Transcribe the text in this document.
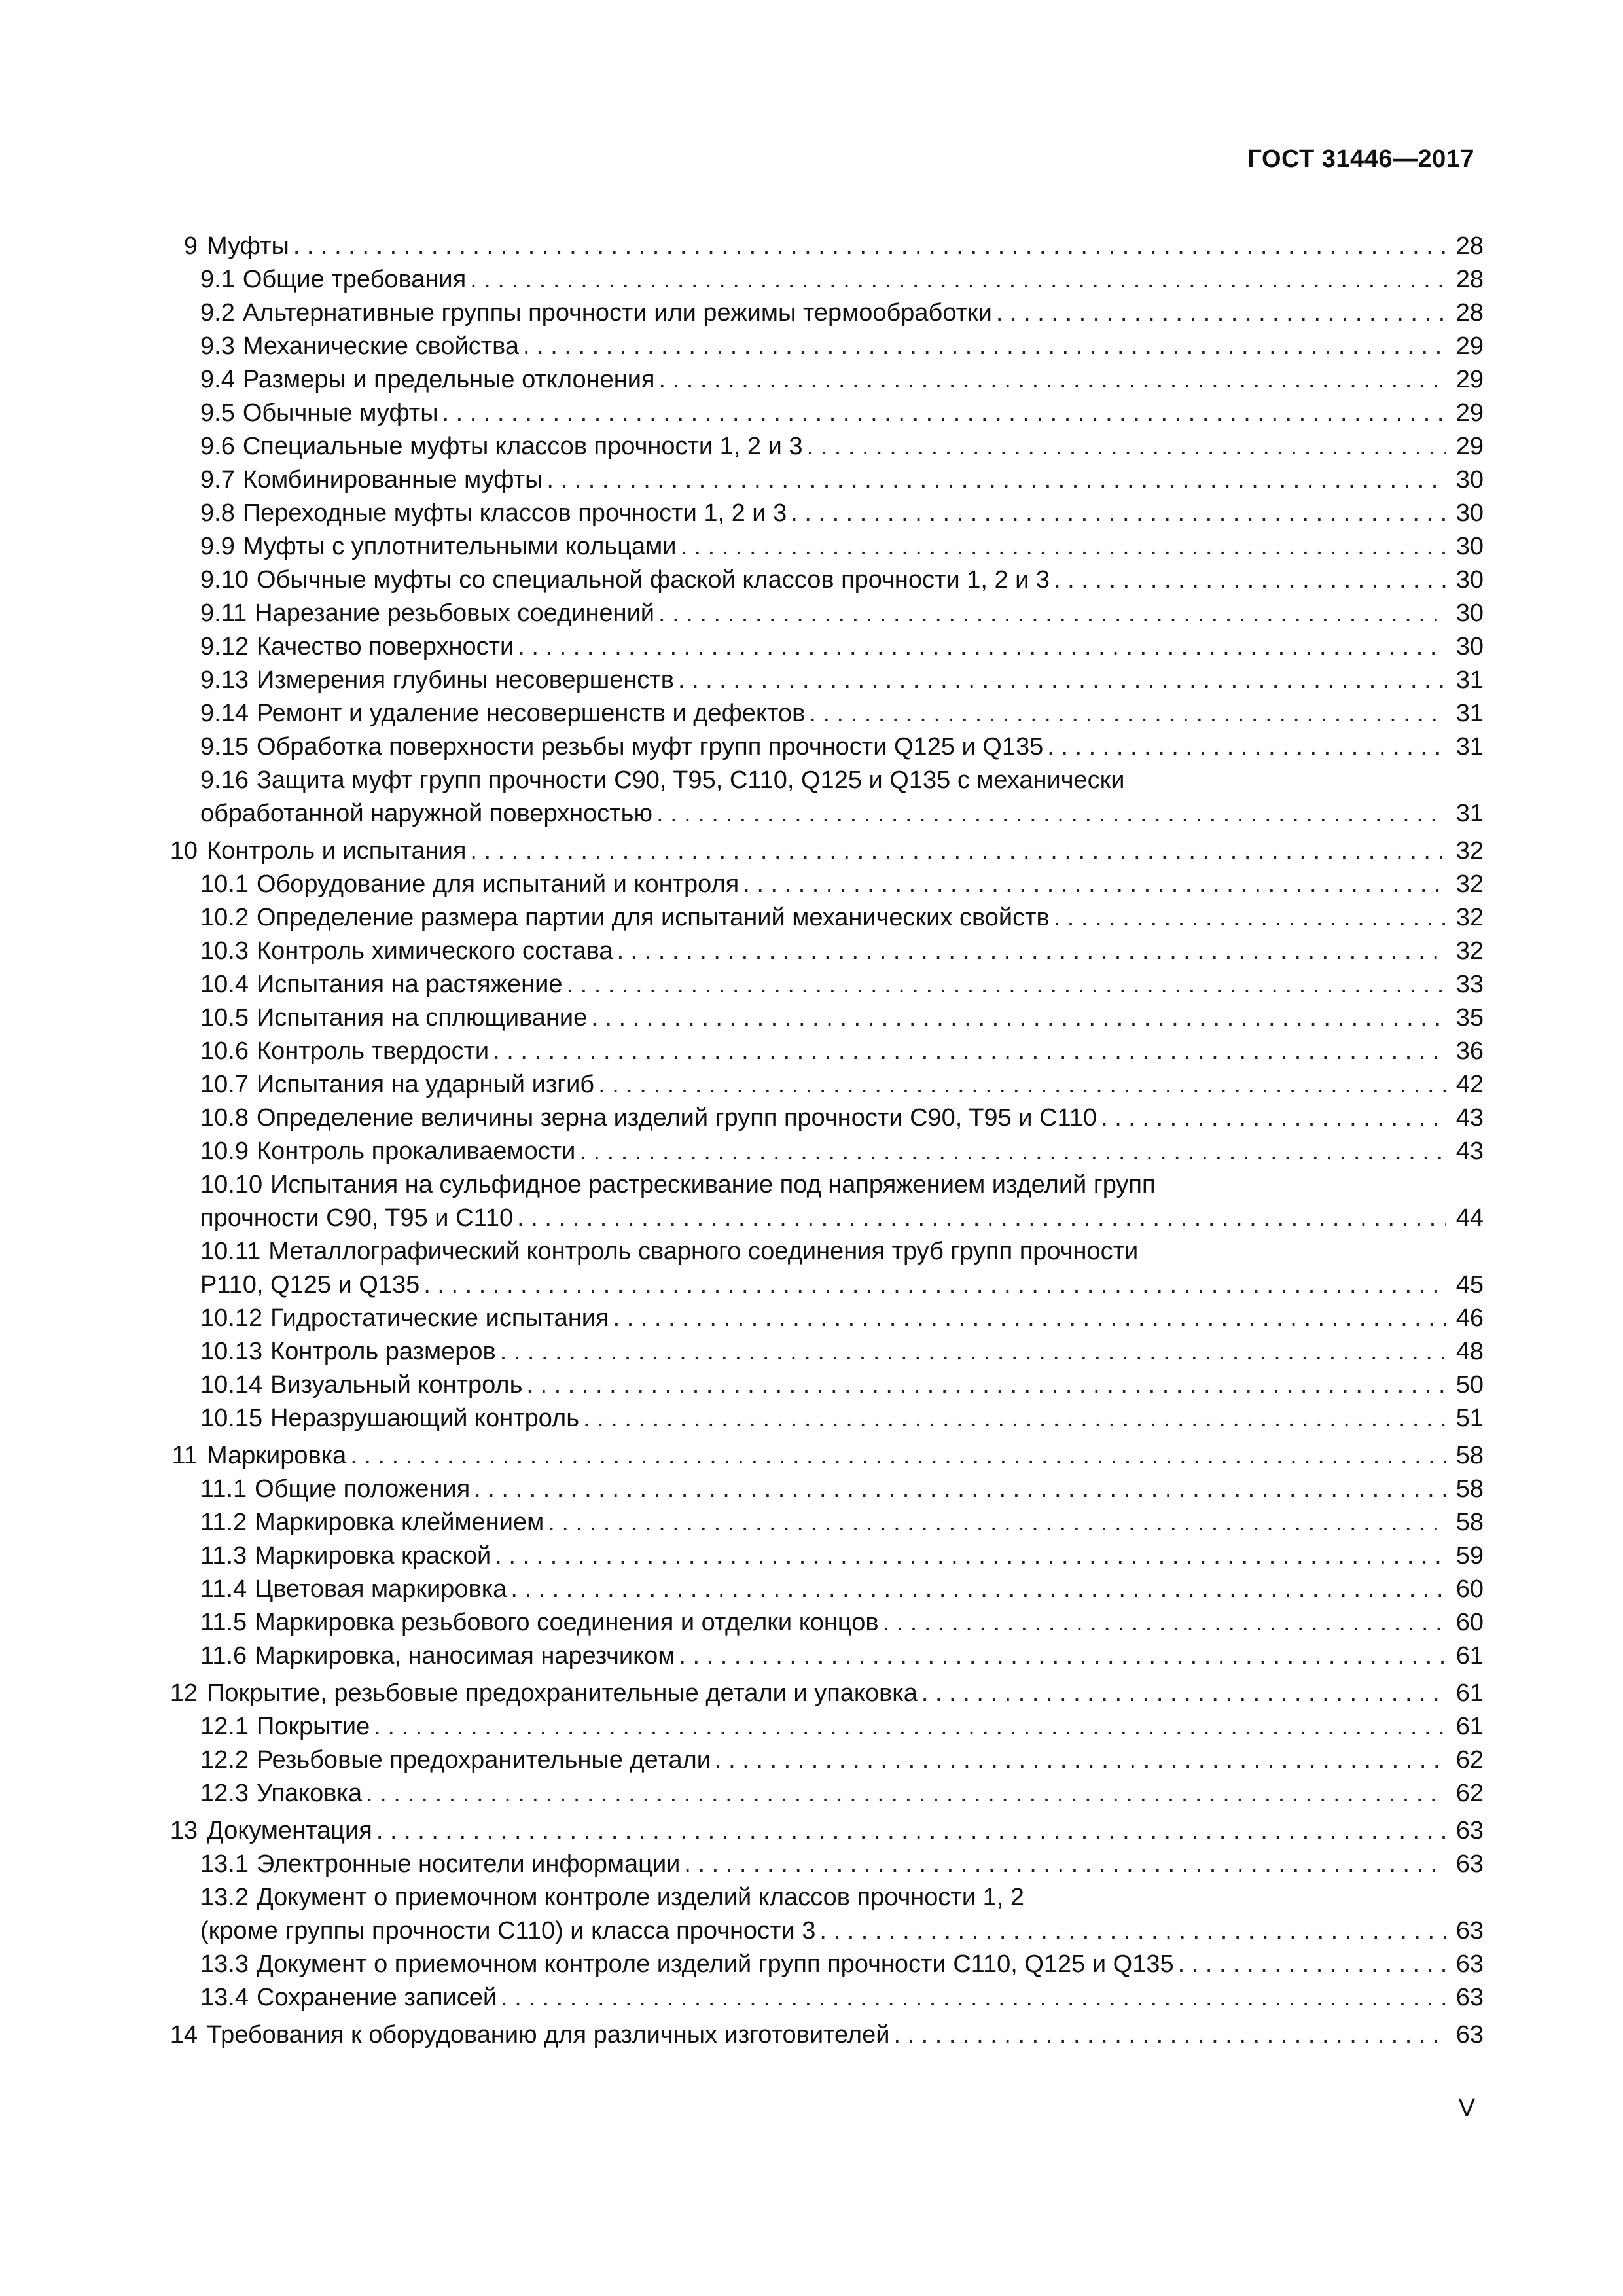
ГОСТ 31446—2017
9 Муфты . . .	28
9.1 Общие требования . . .	28
9.2 Альтернативные группы прочности или режимы термообработки . . .	28
9.3 Механические свойства . . .	29
9.4 Размеры и предельные отклонения . . .	29
9.5 Обычные муфты . . .	29
9.6 Специальные муфты классов прочности 1, 2 и 3 . . .	29
9.7 Комбинированные муфты . . .	30
9.8 Переходные муфты классов прочности 1, 2 и 3 . . .	30
9.9 Муфты с уплотнительными кольцами . . .	30
9.10 Обычные муфты со специальной фаской классов прочности 1, 2 и 3 . . .	30
9.11 Нарезание резьбовых соединений . . .	30
9.12 Качество поверхности . . .	30
9.13 Измерения глубины несовершенств . . .	31
9.14 Ремонт и удаление несовершенств и дефектов . . .	31
9.15 Обработка поверхности резьбы муфт групп прочности Q125 и Q135 . . .	31
9.16 Защита муфт групп прочности C90, T95, C110, Q125 и Q135 с механически
обработанной наружной поверхностью . . .	31
10 Контроль и испытания . . .	32
10.1 Оборудование для испытаний и контроля . . .	32
10.2 Определение размера партии для испытаний механических свойств . . .	32
10.3 Контроль химического состава . . .	32
10.4 Испытания на растяжение . . .	33
10.5 Испытания на сплющивание . . .	35
10.6 Контроль твердости . . .	36
10.7 Испытания на ударный изгиб . . .	42
10.8 Определение величины зерна изделий групп прочности C90, T95 и C110 . . .	43
10.9 Контроль прокаливаемости . . .	43
10.10 Испытания на сульфидное растрескивание под напряжением изделий групп
прочности C90, T95 и C110 . . .	44
10.11 Металлографический контроль сварного соединения труб групп прочности
P110, Q125 и Q135 . . .	45
10.12 Гидростатические испытания . . .	46
10.13 Контроль размеров . . .	48
10.14 Визуальный контроль . . .	50
10.15 Неразрушающий контроль . . .	51
11 Маркировка . . .	58
11.1 Общие положения . . .	58
11.2 Маркировка клеймением . . .	58
11.3 Маркировка краской . . .	59
11.4 Цветовая маркировка . . .	60
11.5 Маркировка резьбового соединения и отделки концов . . .	60
11.6 Маркировка, наносимая нарезчиком . . .	61
12 Покрытие, резьбовые предохранительные детали и упаковка . . .	61
12.1 Покрытие . . .	61
12.2 Резьбовые предохранительные детали . . .	62
12.3 Упаковка . . .	62
13 Документация . . .	63
13.1 Электронные носители информации . . .	63
13.2 Документ о приемочном контроле изделий классов прочности 1, 2
(кроме группы прочности C110) и класса прочности 3 . . .	63
13.3 Документ о приемочном контроле изделий групп прочности C110, Q125 и Q135 . . .	63
13.4 Сохранение записей . . .	63
14 Требования к оборудованию для различных изготовителей . . .	63
V
